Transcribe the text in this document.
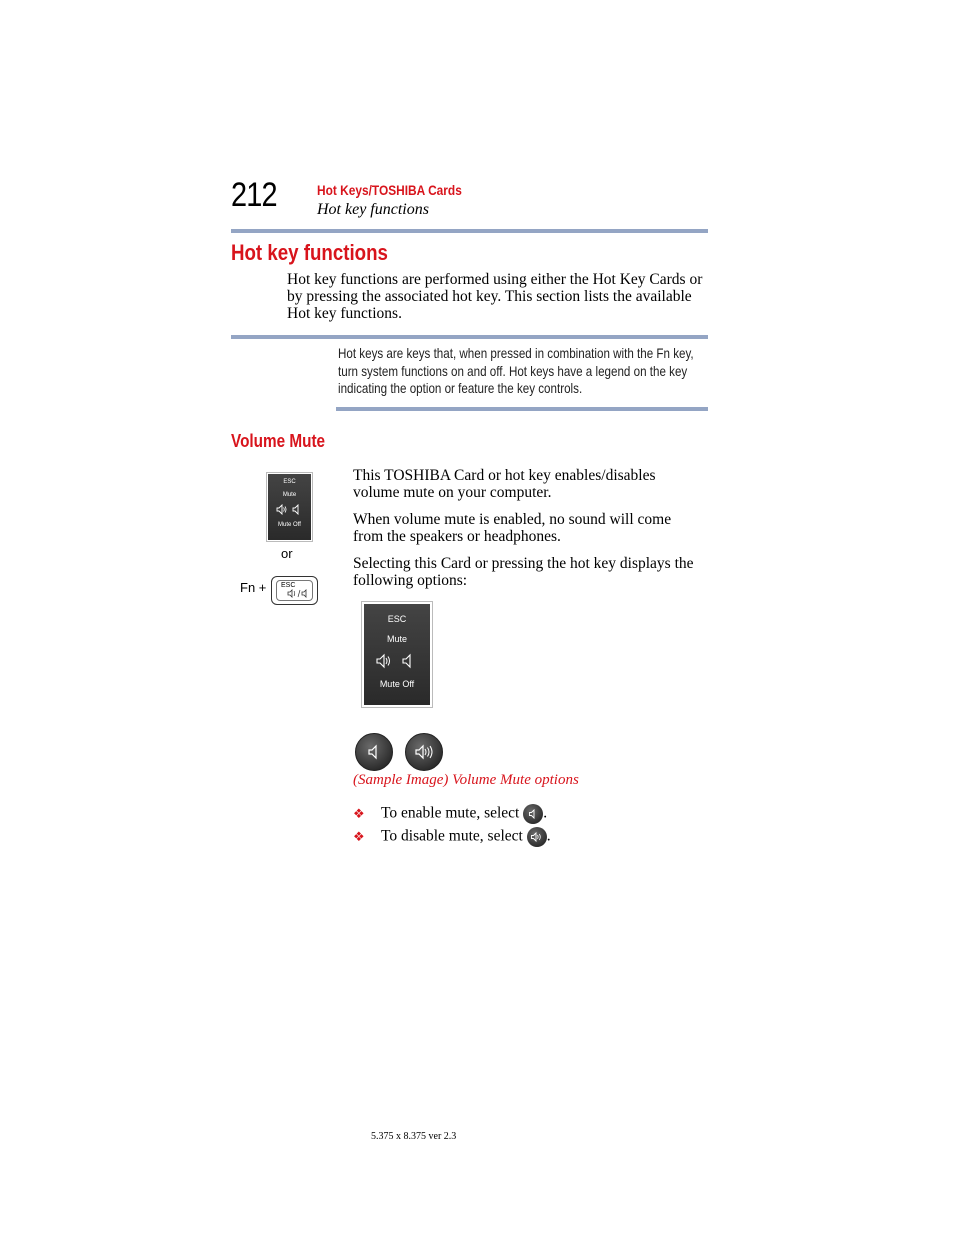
212	Hot Keys/TOSHIBA Cards
Hot key functions
Hot key functions
Hot key functions are performed using either the Hot Key Cards or by pressing the associated hot key. This section lists the available Hot key functions.
Hot keys are keys that, when pressed in combination with the Fn key, turn system functions on and off. Hot keys have a legend on the key indicating the option or feature the key controls.
Volume Mute
ESC
Mute
Mute Off
or
Fn + ESC
This TOSHIBA Card or hot key enables/disables volume mute on your computer.
When volume mute is enabled, no sound will come from the speakers or headphones.
Selecting this Card or pressing the hot key displays the following options:
ESC
Mute
Mute Off
(Sample Image) Volume Mute options
❖ To enable mute, select .
❖ To disable mute, select .
5.375 x 8.375 ver 2.3
